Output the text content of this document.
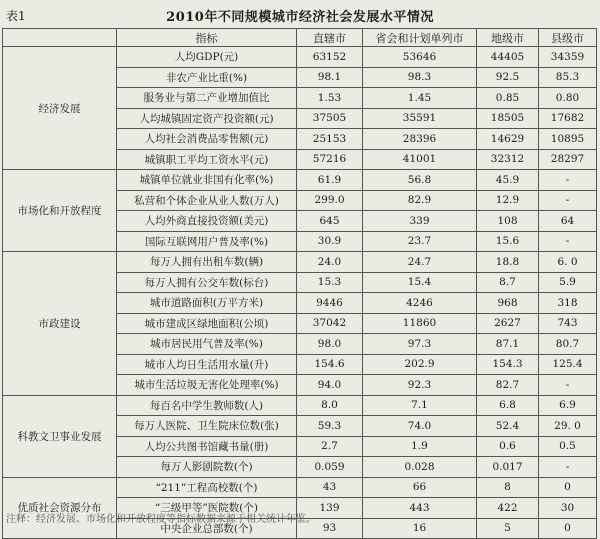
表1	2010年不同规模城市经济社会发展水平情况
	指标	直辖市	省会和计划单列市	地级市	县级市
经济发展	人均GDP(元)	63152	53646	44405	34359
	非农产业比重(%)	98.1	98.3	92.5	85.3
	服务业与第二产业增加值比	1.53	1.45	0.85	0.80
	人均城镇固定资产投资额(元)	37505	35591	18505	17682
	人均社会消费品零售额(元)	25153	28396	14629	10895
	城镇职工平均工资水平(元)	57216	41001	32312	28297
市场化和开放程度	城镇单位就业非国有化率(%)	61.9	56.8	45.9	-
	私营和个体企业从业人数(万人)	299.0	82.9	12.9	-
	人均外商直接投资额(美元)	645	339	108	64
	国际互联网用户普及率(%)	30.9	23.7	15.6	-
市政建设	每万人拥有出租车数(辆)	24.0	24.7	18.8	6. 0
	每万人拥有公交车数(标台)	15.3	15.4	8.7	5.9
	城市道路面积(万平方米)	9446	4246	968	318
	城市建成区绿地面积(公顷)	37042	11860	2627	743
	城市居民用气普及率(%)	98.0	97.3	87.1	80.7
	城市人均日生活用水量(升)	154.6	202.9	154.3	125.4
	城市生活垃圾无害化处理率(%)	94.0	92.3	82.7	-
科教文卫事业发展	每百名中学生教师数(人)	8.0	7.1	6.8	6.9
	每万人医院、卫生院床位数(张)	59.3	74.0	52.4	29. 0
	人均公共图书馆藏书量(册)	2.7	1.9	0.6	0.5
	每万人影剧院数(个)	0.059	0.028	0.017	-
优质社会资源分布	“211”工程高校数(个)	43	66	8	0
	“三级甲等”医院数(个)	139	443	422	30
	中央企业总部数(个)	93	16	5	0
注释：经济发展、市场化和开放程度等指标数据来源于相关统计年鉴。
